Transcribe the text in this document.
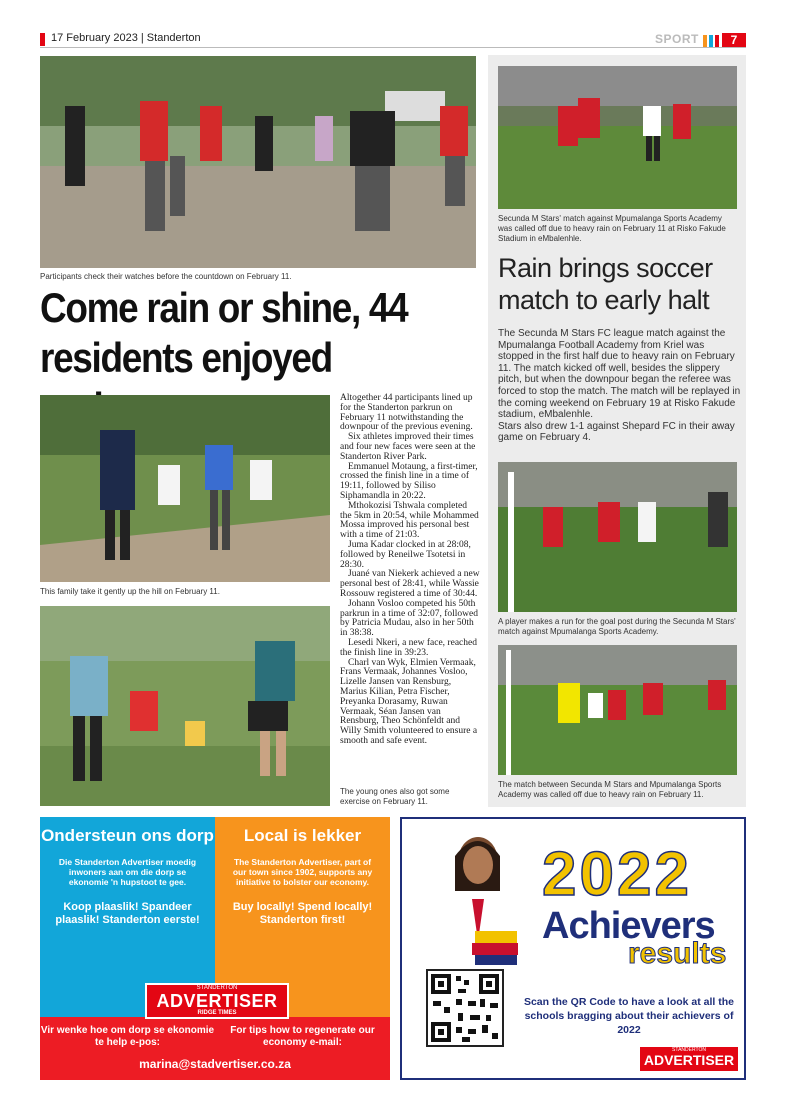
17 February 2023 | Standerton	SPORT	7
Participants check their watches before the countdown on February 11.
Come rain or shine, 44 residents enjoyed
This family take it gently up the hill on February 11.

Altogether 44 participants lined up for the Standerton parkrun on February 11 notwithstanding the downpour of the previous evening.

Six athletes improved their times and four new faces were seen at the Standerton River Park.

Emmanuel Motaung, a first-timer, crossed the finish line in a time of 19:11, followed by Siliso Siphamandla in 20:22.

Mthokozisi Tshwala completed the 5km in 20:54, while Mohammed Mossa improved his personal best with a time of 21:03.

Juma Kadar clocked in at 28:08, followed by Reneilwe Tsotetsi in 28:30.

Juané van Niekerk achieved a new personal best of 28:41, while Wassie Rossouw registered a time of 30:44.

Johann Vosloo competed his 50th parkrun in a time of 32:07, followed by Patricia Mudau, also in her 50th in 38:38.

Lesedi Nkeri, a new face, reached the finish line in 39:23.

Charl van Wyk, Elmien Vermaak, Frans Vermaak, Johannes Vosloo, Lizelle Jansen van Rensburg, Marius Kilian, Petra Fischer, Preyanka Dorasamy, Ruwan Vermaak, Séan Jansen van Rensburg, Theo Schönfeldt and Willy Smith volunteered to ensure a smooth and safe event.

The young ones also got some exercise on February 11.
Secunda M Stars' match against Mpumalanga Sports Academy was called off due to heavy rain on February 11 at Risko Fakude Stadium in eMbalenhle.
Rain brings soccer match to early halt

The Secunda M Stars FC league match against the Mpumalanga Football Academy from Kriel was stopped in the first half due to heavy rain on February 11. The match kicked off well, besides the slippery pitch, but when the downpour began the referee was forced to stop the match. The match will be replayed in the coming weekend on February 19 at Risko Fakude stadium, eMbalenhle.

Stars also drew 1-1 against Shepard FC in their away game on February 4.

A player makes a run for the goal post during the Secunda M Stars' match against Mpumalanga Sports Academy.
The match between Secunda M Stars and Mpumalanga Sports Academy was called off due to heavy rain on February 11.
Ondersteun ons dorp
Die Standerton Advertiser moedig inwoners aan om die dorp se ekonomie 'n hupstoot te gee.
Koop plaaslik! Spandeer plaaslik! Standerton eerste!
Local is lekker
The Standerton Advertiser, part of our town since 1902, supports any initiative to bolster our economy.
Buy locally! Spend locally! Standerton first!
STANDERTON
ADVERTISER
RIDGE TIMES
Vir wenke hoe om dorp se ekonomie te help e-pos:
For tips how to regenerate our economy e-mail:
marina@stadvertiser.co.za
2022
Achievers
results
Scan the QR Code to have a look at all the schools bragging about their achievers of 2022
STANDERTON
ADVERTISER
